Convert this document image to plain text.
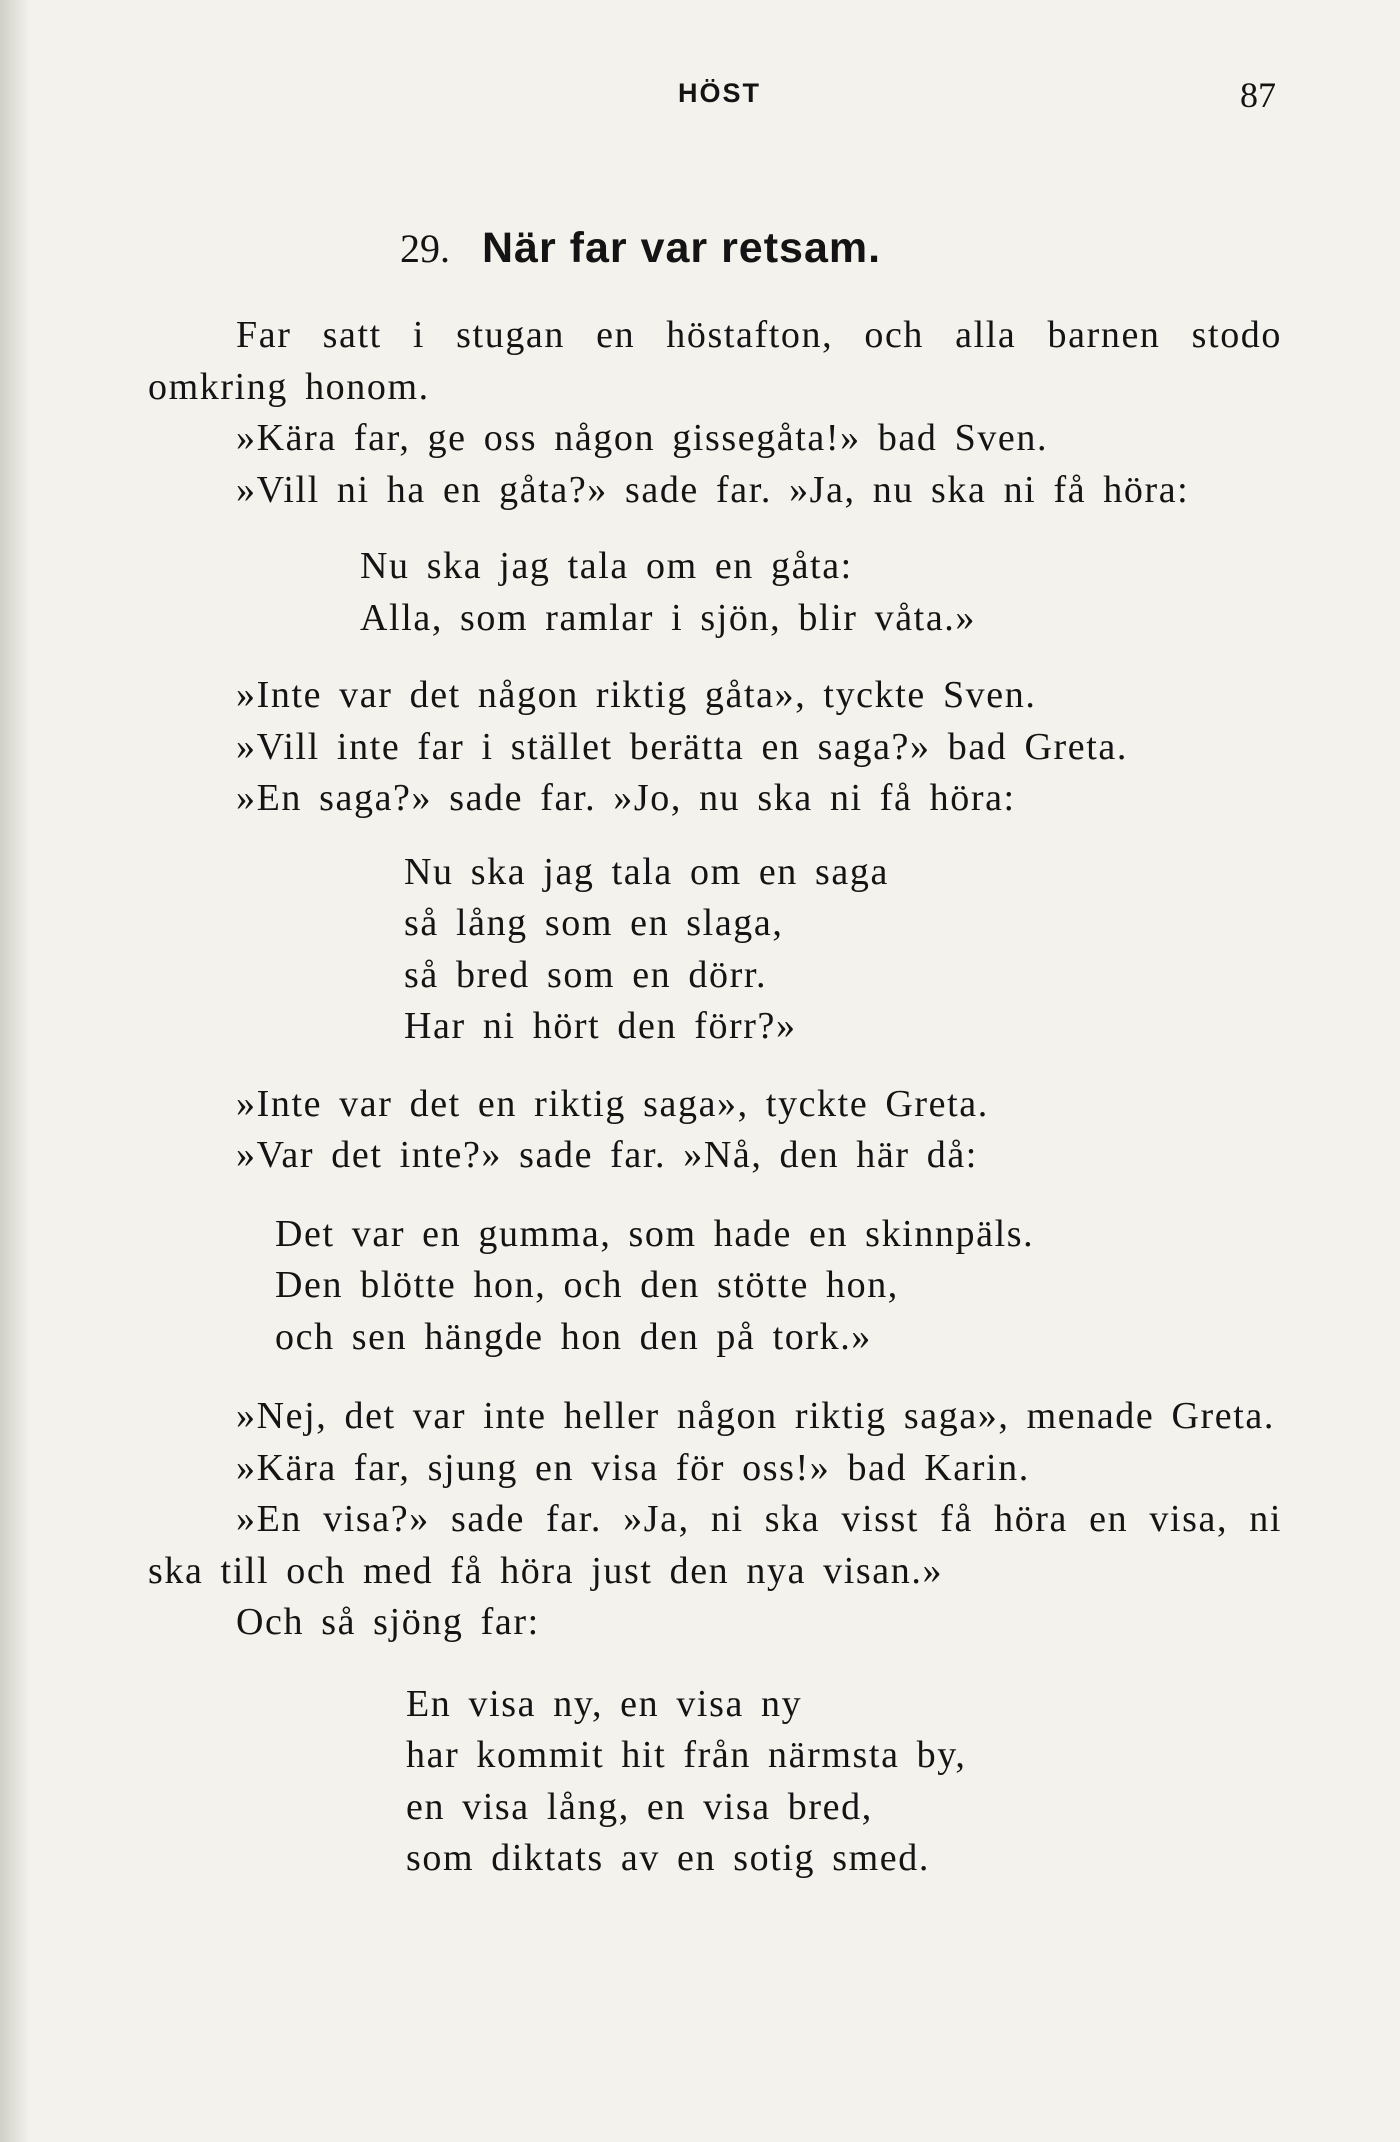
HÖST	87
29. När far var retsam.

Far satt i stugan en höstafton, och alla barnen stodo omkring honom.

»Kära far, ge oss någon gissegåta!» bad Sven.

»Vill ni ha en gåta?» sade far. »Ja, nu ska ni få höra:

Nu ska jag tala om en gåta:
Alla, som ramlar i sjön, blir våta.»

»Inte var det någon riktig gåta», tyckte Sven.

»Vill inte far i stället berätta en saga?» bad Greta.

»En saga?» sade far. »Jo, nu ska ni få höra:

Nu ska jag tala om en saga
så lång som en slaga,
så bred som en dörr.
Har ni hört den förr?»

»Inte var det en riktig saga», tyckte Greta.

»Var det inte?» sade far. »Nå, den här då:

Det var en gumma, som hade en skinnpäls.
Den blötte hon, och den stötte hon,
och sen hängde hon den på tork.»

»Nej, det var inte heller någon riktig saga», menade Greta.

»Kära far, sjung en visa för oss!» bad Karin.

»En visa?» sade far. »Ja, ni ska visst få höra en visa, ni ska till och med få höra just den nya visan.»

Och så sjöng far:

En visa ny, en visa ny
har kommit hit från närmsta by,
en visa lång, en visa bred,
som diktats av en sotig smed.
